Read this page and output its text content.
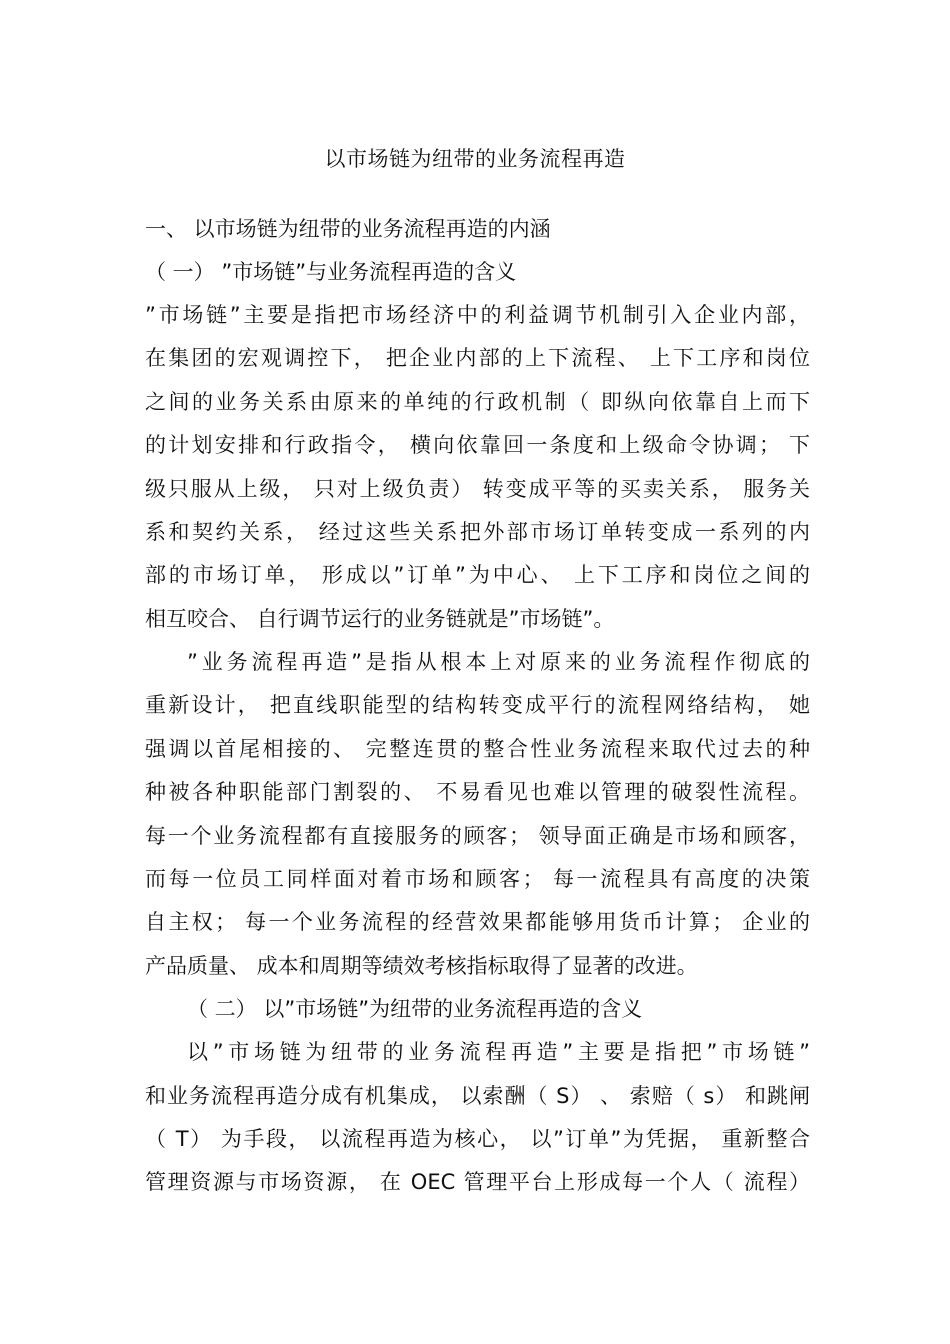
以市场链为纽带的业务流程再造
一、 以市场链为纽带的业务流程再造的内涵
（ 一） ”市场链”与业务流程再造的含义
”市场链”主要是指把市场经济中的利益调节机制引入企业内部，
在集团的宏观调控下， 把企业内部的上下流程、 上下工序和岗位
之间的业务关系由原来的单纯的行政机制（ 即纵向依靠自上而下
的计划安排和行政指令， 横向依靠回一条度和上级命令协调； 下
级只服从上级， 只对上级负责） 转变成平等的买卖关系， 服务关
系和契约关系， 经过这些关系把外部市场订单转变成一系列的内
部的市场订单， 形成以”订单”为中心、 上下工序和岗位之间的
相互咬合、 自行调节运行的业务链就是”市场链”。
”业务流程再造”是指从根本上对原来的业务流程作彻底的
重新设计， 把直线职能型的结构转变成平行的流程网络结构， 她
强调以首尾相接的、 完整连贯的整合性业务流程来取代过去的种
种被各种职能部门割裂的、 不易看见也难以管理的破裂性流程。
每一个业务流程都有直接服务的顾客； 领导面正确是市场和顾客，
而每一位员工同样面对着市场和顾客； 每一流程具有高度的决策
自主权； 每一个业务流程的经营效果都能够用货币计算； 企业的
产品质量、 成本和周期等绩效考核指标取得了显著的改进。
（ 二） 以”市场链”为纽带的业务流程再造的含义
以”市场链为纽带的业务流程再造”主要是指把”市场链”
和业务流程再造分成有机集成， 以索酬（ S） 、 索赔（ s） 和跳闸
（ T） 为手段， 以流程再造为核心， 以”订单”为凭据， 重新整合
管理资源与市场资源， 在 OEC 管理平台上形成每一个人（ 流程）
